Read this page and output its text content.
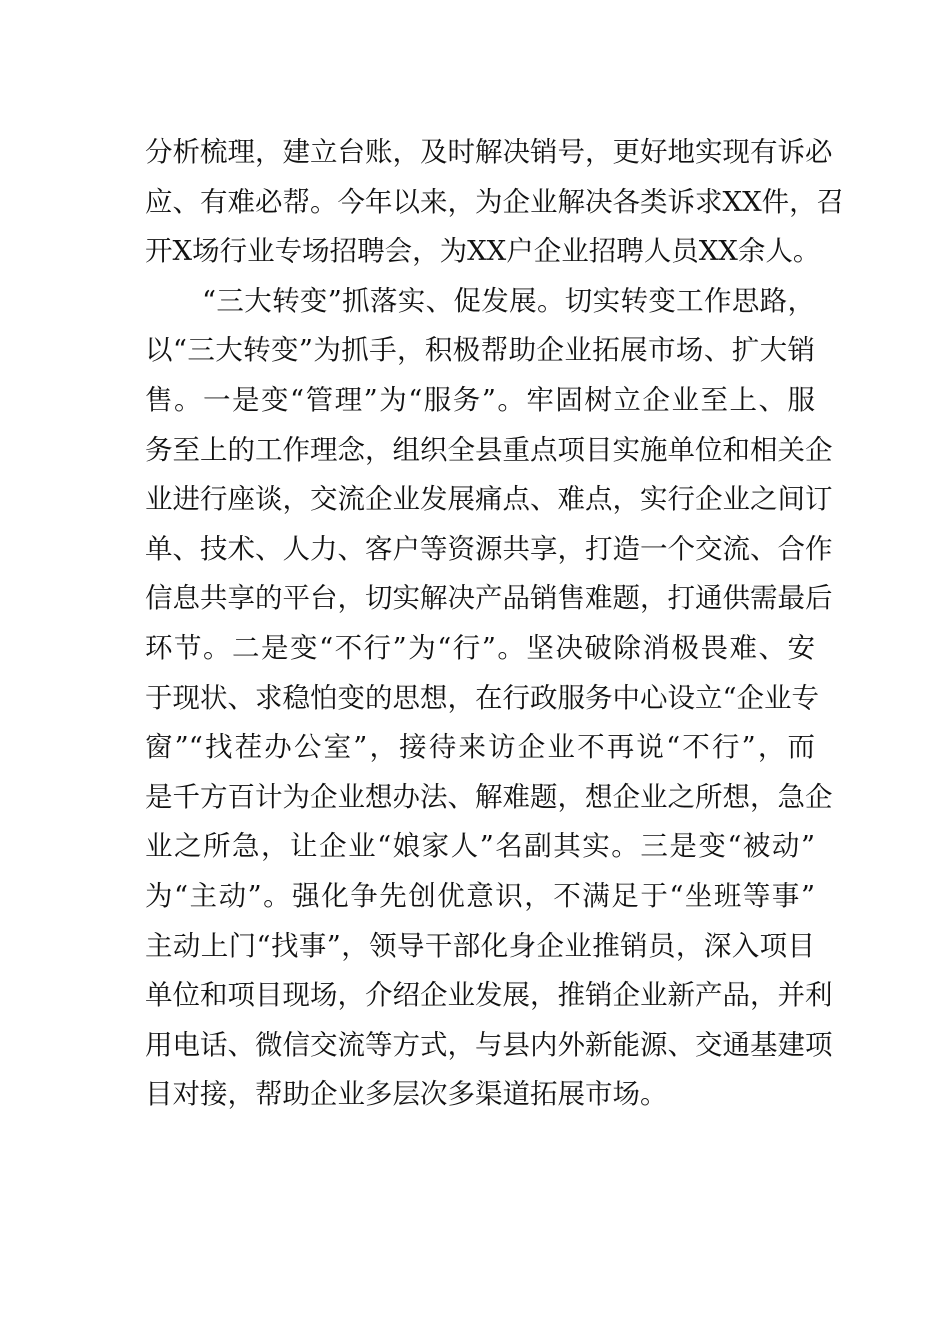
分析梳理，建立台账，及时解决销号，更好地实现有诉必
应、有难必帮。今年以来，为企业解决各类诉求XX件，召
开X场行业专场招聘会，为XX户企业招聘人员XX余人。
“三大转变”抓落实、促发展。切实转变工作思路，
以“三大转变”为抓手，积极帮助企业拓展市场、扩大销
售。一是变“管理”为“服务”。牢固树立企业至上、服
务至上的工作理念，组织全县重点项目实施单位和相关企
业进行座谈，交流企业发展痛点、难点，实行企业之间订
单、技术、人力、客户等资源共享，打造一个交流、合作
信息共享的平台，切实解决产品销售难题，打通供需最后
环节。二是变“不行”为“行”。坚决破除消极畏难、安
于现状、求稳怕变的思想，在行政服务中心设立“企业专
窗”“找茬办公室”，接待来访企业不再说“不行”，而
是千方百计为企业想办法、解难题，想企业之所想，急企
业之所急，让企业“娘家人”名副其实。三是变“被动”
为“主动”。强化争先创优意识，不满足于“坐班等事”
主动上门“找事”，领导干部化身企业推销员，深入项目
单位和项目现场，介绍企业发展，推销企业新产品，并利
用电话、微信交流等方式，与县内外新能源、交通基建项
目对接，帮助企业多层次多渠道拓展市场。
